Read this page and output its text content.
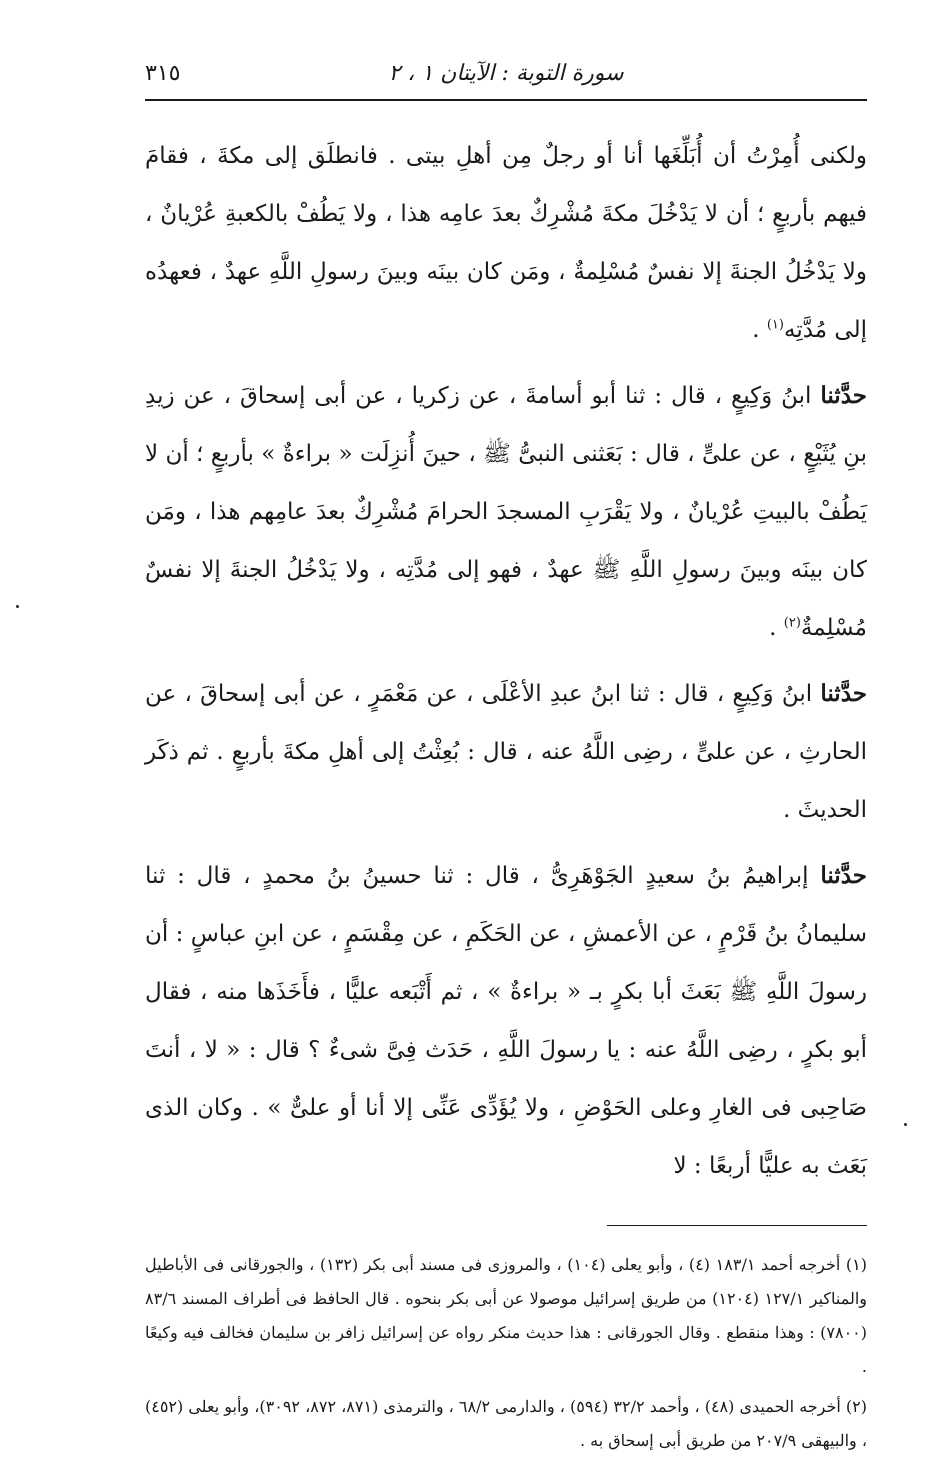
سورة التوبة : الآيتان ١ ، ٢
٣١٥

ولكنى أُمِرْتُ أن أُبَلِّغَها أنا أو رجلٌ مِن أهلِ بيتى . فانطلَق إلى مكةَ ، فقامَ فيهم بأربعٍ ؛ أن لا يَدْخُلَ مكةَ مُشْرِكٌ بعدَ عامِه هذا ، ولا يَطُفْ بالكعبةِ عُرْيانٌ ، ولا يَدْخُلُ الجنةَ إلا نفسٌ مُسْلِمةٌ ، ومَن كان بينَه وبينَ رسولِ اللَّهِ عهدٌ ، فعهدُه إلى مُدَّتِه$^{(١)}$ .

حدَّثنا ابنُ وَكِيعٍ ، قال : ثنا أبو أسامةَ ، عن زكريا ، عن أبى إسحاقَ ، عن زيدِ بنِ يُثَيْعٍ ، عن علىٍّ ، قال : بَعَثنى النبىُّ ﷺ ، حينَ أُنزِلَت « براءةٌ » بأربعٍ ؛ أن لا يَطُفْ بالبيتِ عُرْيانٌ ، ولا يَقْرَبِ المسجدَ الحرامَ مُشْرِكٌ بعدَ عامِهم هذا ، ومَن كان بينَه وبينَ رسولِ اللَّهِ ﷺ عهدٌ ، فهو إلى مُدَّتِه ، ولا يَدْخُلُ الجنةَ إلا نفسٌ مُسْلِمةٌ$^{(٢)}$ .

حدَّثنا ابنُ وَكِيعٍ ، قال : ثنا ابنُ عبدِ الأعْلَى ، عن مَعْمَرٍ ، عن أبى إسحاقَ ، عن الحارثِ ، عن علىٍّ ، رضِى اللَّهُ عنه ، قال : بُعِثْتُ إلى أهلِ مكةَ بأربعٍ . ثم ذكَر الحديثَ .

حدَّثنا إبراهيمُ بنُ سعيدٍ الجَوْهَرِىُّ ، قال : ثنا حسينُ بنُ محمدٍ ، قال : ثنا سليمانُ بنُ قَرْمٍ ، عن الأعمشِ ، عن الحَكَمِ ، عن مِقْسَمٍ ، عن ابنِ عباسٍ : أن رسولَ اللَّهِ ﷺ بَعَثَ أبا بكرٍ بـ « براءةٌ » ، ثم أَتْبَعه عليًّا ، فأَخَذَها منه ، فقال أبو بكرٍ ، رضِى اللَّهُ عنه : يا رسولَ اللَّهِ ، حَدَث فِىَّ شىءٌ ؟ قال : « لا ، أنتَ صَاحِبى فى الغارِ وعلى الحَوْضِ ، ولا يُؤَدِّى عَنِّى إلا أنا أو علىٌّ » . وكان الذى بَعَث به عليًّا أربعًا : لا

(١) أخرجه أحمد ١٨٣/١ (٤) ، وأبو يعلى (١٠٤) ، والمروزى فى مسند أبى بكر (١٣٢) ، والجورقانى فى الأباطيل والمناكير ١٢٧/١ (١٢٠٤) من طريق إسرائيل موصولا عن أبى بكر بنحوه . قال الحافظ فى أطراف المسند ٨٣/٦ (٧٨٠٠) : وهذا منقطع . وقال الجورقانى : هذا حديث منكر رواه عن إسرائيل زافر بن سليمان فخالف فيه وكيعًا .

(٢) أخرجه الحميدى (٤٨) ، وأحمد ٣٢/٢ (٥٩٤) ، والدارمى ٦٨/٢ ، والترمذى (٨٧١، ٨٧٢، ٣٠٩٢)، وأبو يعلى (٤٥٢) ، والبيهقى ٢٠٧/٩ من طريق أبى إسحاق به .
